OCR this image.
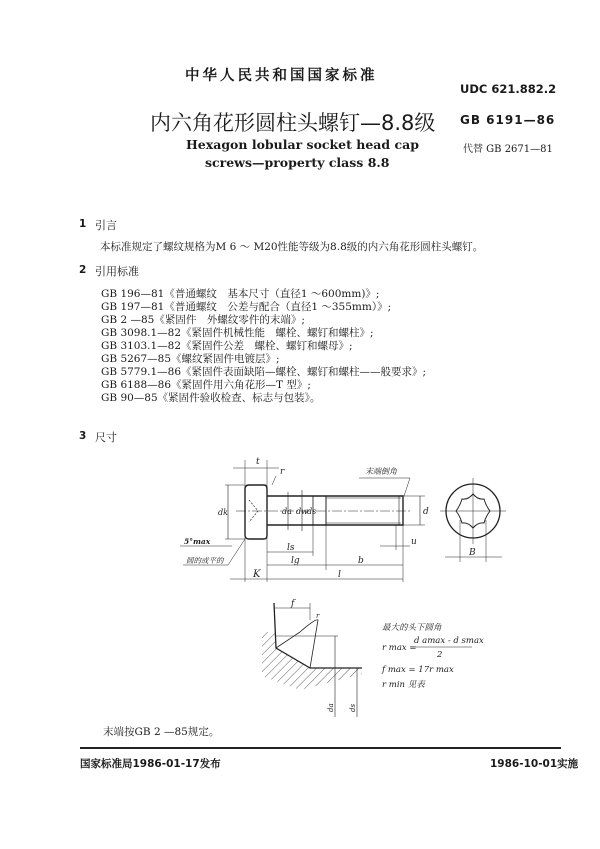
中华人民共和国国家标准
UDC 621.882.2
内六角花形圆柱头螺钉—8.8级 GB 6191—86
Hexagon lobular socket head cap
screws—property class 8.8
代替 GB 2671—81
1 引言
本标准规定了螺纹规格为M 6 ～ M20性能等级为8.8级的内六角花形圆柱头螺钉。
2 引用标准
GB 196—81《普通螺纹　基本尺寸（直径1 ～600mm)》;
GB 197—81《普通螺纹　公差与配合（直径1 ～355mm）》;
GB 2 —85《紧固件　外螺纹零件的末端》;
GB 3098.1—82《紧固件机械性能　螺栓、螺钉和螺柱》;
GB 3103.1—82《紧固件公差　螺栓、螺钉和螺母》;
GB 5267—85《螺纹紧固件电镀层》;
GB 5779.1—86《紧固件表面缺陷—螺栓、螺钉和螺柱——般要求》;
GB 6188—86《紧固件用六角花形—T 型》;
GB 90—85《紧固件验收检查、标志与包装》。
3 尺寸
t
r	末端倒角
dk	da dw ds	d
5°max
圆的或平的
ls
lg	b
u
K	l
B
f
r
da ds
最大的头下圆角
r max =
d amax - d smax
2
f max = 17r max
r min 见表
末端按GB 2 —85规定。
国家标准局1986-01-17发布	1986-10-01实施
